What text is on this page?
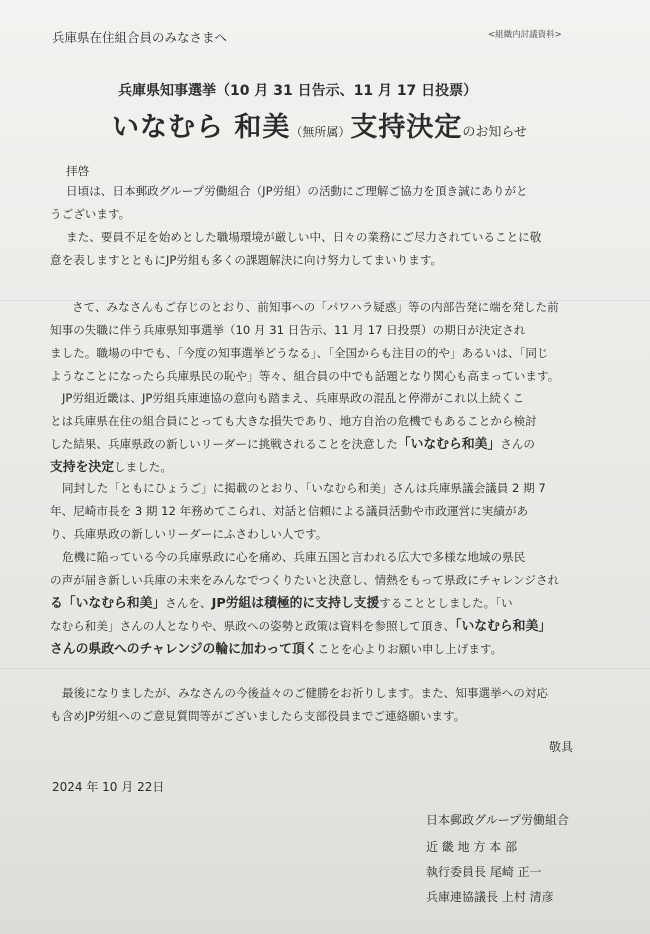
兵庫県在住組合員のみなさまへ	<組織内討議資料>
兵庫県知事選挙（10 月 31 日告示、11 月 17 日投票）
いなむら 和美（無所属）支持決定のお知らせ
拝啓
日頃は、日本郵政グループ労働組合（JP労組）の活動にご理解ご協力を頂き誠にありがと
うございます。
また、要員不足を始めとした職場環境が厳しい中、日々の業務にご尽力されていることに敬
意を表しますとともにJP労組も多くの課題解決に向け努力してまいります。
さて、みなさんもご存じのとおり、前知事への「パワハラ疑惑」等の内部告発に端を発した前
知事の失職に伴う兵庫県知事選挙（10 月 31 日告示、11 月 17 日投票）の期日が決定され
ました。職場の中でも、「今度の知事選挙どうなる」、「全国からも注目の的や」あるいは、「同じ
ようなことになったら兵庫県民の恥や」等々、組合員の中でも話題となり関心も高まっています。
JP労組近畿は、JP労組兵庫連協の意向も踏まえ、兵庫県政の混乱と停滞がこれ以上続くこ
とは兵庫県在住の組合員にとっても大きな損失であり、地方自治の危機でもあることから検討
した結果、兵庫県政の新しいリーダーに挑戦されることを決意した「いなむら和美」さんの
支持を決定しました。
同封した「ともにひょうご」に掲載のとおり、「いなむら和美」さんは兵庫県議会議員 2 期 7
年、尼崎市長を 3 期 12 年務めてこられ、対話と信頼による議員活動や市政運営に実績があ
り、兵庫県政の新しいリーダーにふさわしい人です。
危機に陥っている今の兵庫県政に心を痛め、兵庫五国と言われる広大で多様な地域の県民
の声が届き新しい兵庫の未来をみんなでつくりたいと決意し、情熱をもって県政にチャレンジされ
る「いなむら和美」さんを、JP労組は積極的に支持し支援することとしました。「い
なむら和美」さんの人となりや、県政への姿勢と政策は資料を参照して頂き、「いなむら和美」
さんの県政へのチャレンジの輪に加わって頂くことを心よりお願い申し上げます。
最後になりましたが、みなさんの今後益々のご健勝をお祈りします。また、知事選挙への対応
も含めJP労組へのご意見質問等がございましたら支部役員までご連絡願います。
敬具
2024 年 10 月 22日
日本郵政グループ労働組合
近 畿 地 方 本 部
執行委員長 尾崎 正一
兵庫連協議長 上村 清彦
